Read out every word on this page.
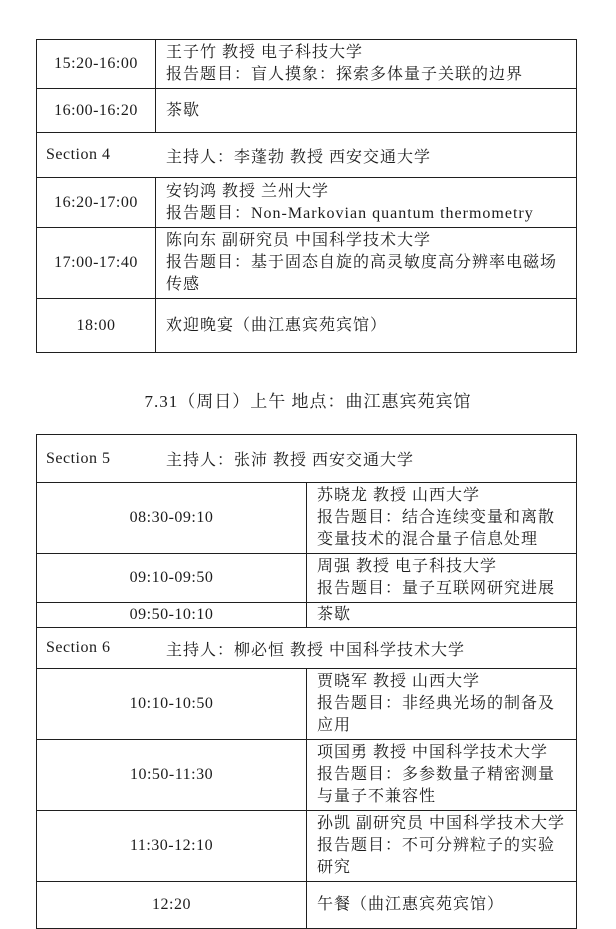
15:20-16:00	王子竹 教授 电子科技大学
报告题目：盲人摸象：探索多体量子关联的边界

16:00-16:20	茶歇

Section 4 主持人：李蓬勃 教授 西安交通大学	

16:20-17:00	安钧鸿 教授 兰州大学
报告题目：Non-Markovian quantum thermometry

17:00-17:40	陈向东 副研究员 中国科学技术大学
报告题目：基于固态自旋的高灵敏度高分辨率电磁场传感

18:00	欢迎晚宴（曲江惠宾苑宾馆）
7.31（周日）上午 地点：曲江惠宾苑宾馆
Section 5 主持人：张沛 教授 西安交通大学	

08:30-09:10	苏晓龙 教授 山西大学
报告题目：结合连续变量和离散变量技术的混合量子信息处理

09:10-09:50	周强 教授 电子科技大学
报告题目：量子互联网研究进展

09:50-10:10	茶歇

Section 6 主持人：柳必恒 教授 中国科学技术大学	

10:10-10:50	贾晓军 教授 山西大学
报告题目：非经典光场的制备及应用

10:50-11:30	项国勇 教授 中国科学技术大学
报告题目：多参数量子精密测量与量子不兼容性

11:30-12:10	孙凯 副研究员 中国科学技术大学
报告题目：不可分辨粒子的实验研究

12:20	午餐（曲江惠宾苑宾馆）
